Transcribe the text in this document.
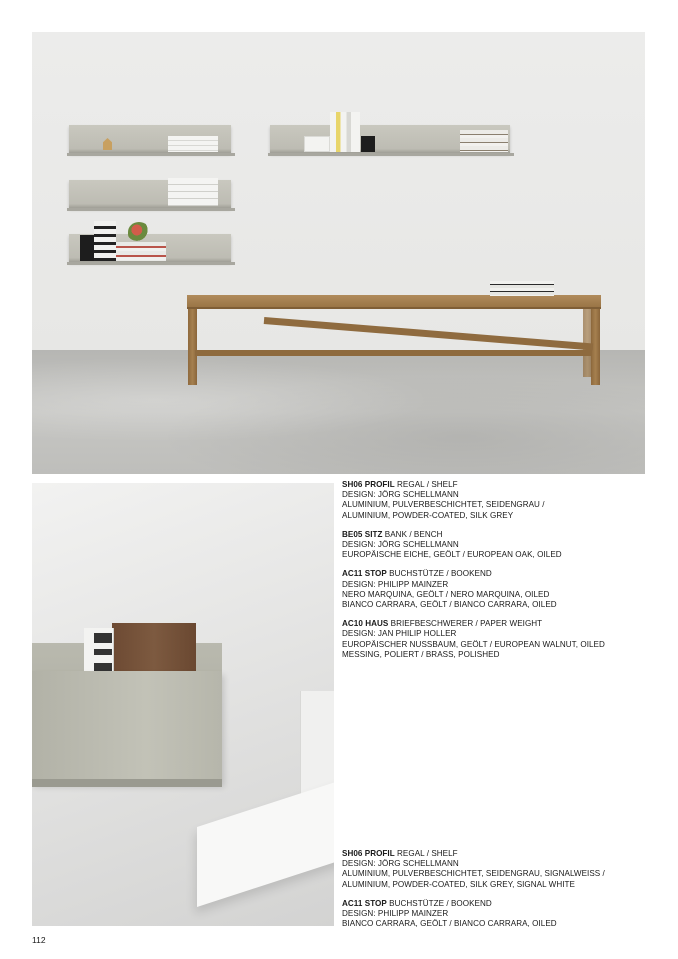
SH06 PROFIL REGAL / SHELF
DESIGN: JÖRG SCHELLMANN
ALUMINIUM, PULVERBESCHICHTET, SEIDENGRAU /
ALUMINIUM, POWDER-COATED, SILK GREY
BE05 SITZ BANK / BENCH
DESIGN: JÖRG SCHELLMANN
EUROPÄISCHE EICHE, GEÖLT / EUROPEAN OAK, OILED
AC11 STOP BUCHSTÜTZE / BOOKEND
DESIGN: PHILIPP MAINZER
NERO MARQUINA, GEÖLT / NERO MARQUINA, OILED
BIANCO CARRARA, GEÖLT / BIANCO CARRARA, OILED
AC10 HAUS BRIEFBESCHWERER / PAPER WEIGHT
DESIGN: JAN PHILIP HOLLER
EUROPÄISCHER NUSSBAUM, GEÖLT / EUROPEAN WALNUT, OILED
MESSING, POLIERT / BRASS, POLISHED
SH06 PROFIL REGAL / SHELF
DESIGN: JÖRG SCHELLMANN
ALUMINIUM, PULVERBESCHICHTET, SEIDENGRAU, SIGNALWEISS /
ALUMINIUM, POWDER-COATED, SILK GREY, SIGNAL WHITE
AC11 STOP BUCHSTÜTZE / BOOKEND
DESIGN: PHILIPP MAINZER
BIANCO CARRARA, GEÖLT / BIANCO CARRARA, OILED
112
